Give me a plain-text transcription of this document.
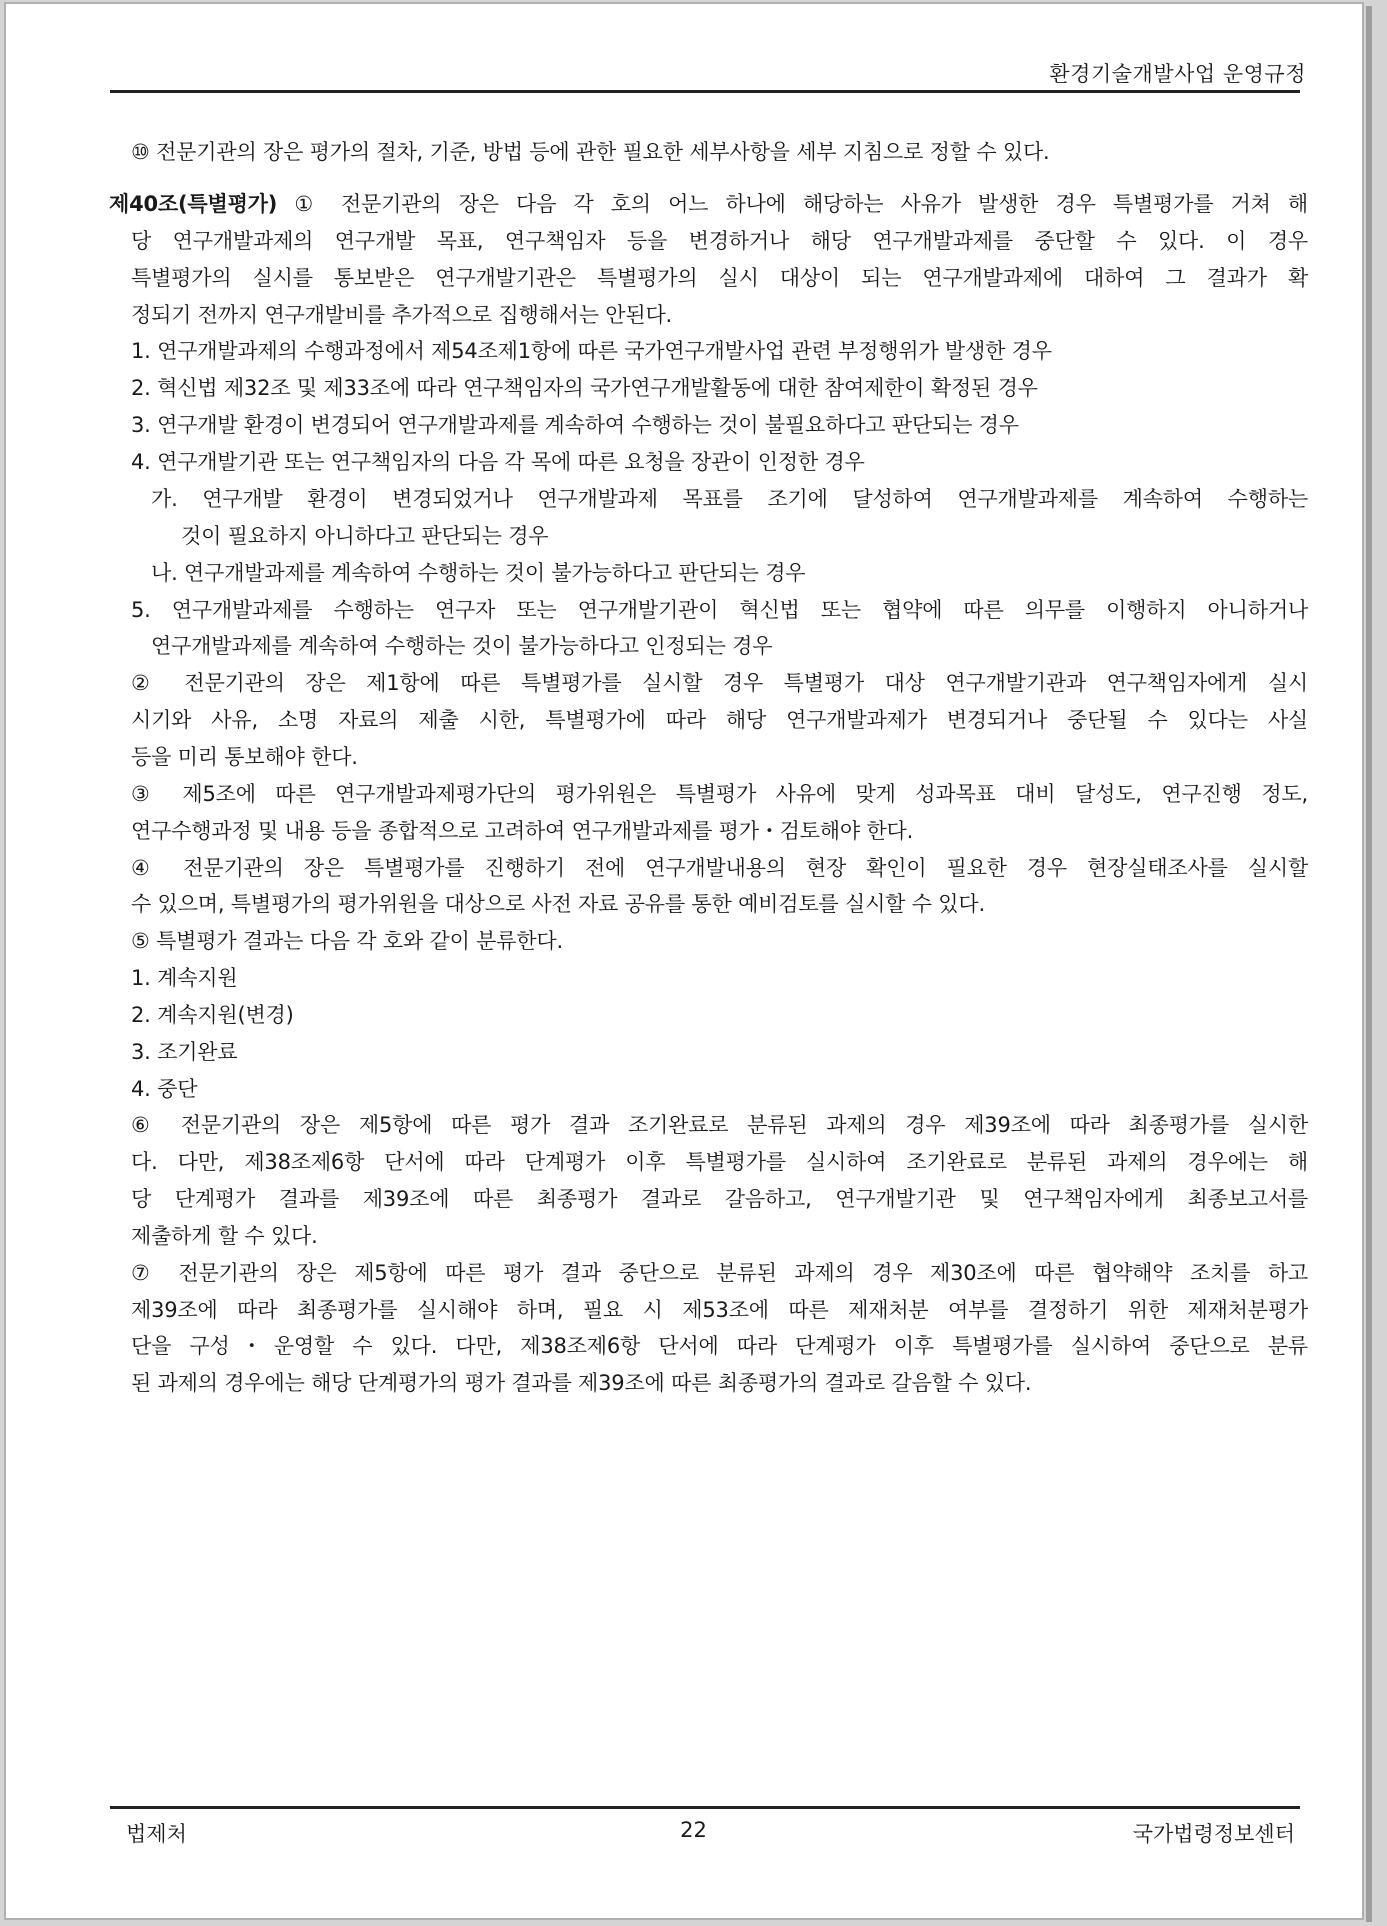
환경기술개발사업 운영규정
⑩ 전문기관의 장은 평가의 절차, 기준, 방법 등에 관한 필요한 세부사항을 세부 지침으로 정할 수 있다.
제40조(특별평가) ① 전문기관의 장은 다음 각 호의 어느 하나에 해당하는 사유가 발생한 경우 특별평가를 거쳐 해
당 연구개발과제의 연구개발 목표, 연구책임자 등을 변경하거나 해당 연구개발과제를 중단할 수 있다. 이 경우
특별평가의 실시를 통보받은 연구개발기관은 특별평가의 실시 대상이 되는 연구개발과제에 대하여 그 결과가 확
정되기 전까지 연구개발비를 추가적으로 집행해서는 안된다.
1. 연구개발과제의 수행과정에서 제54조제1항에 따른 국가연구개발사업 관련 부정행위가 발생한 경우
2. 혁신법 제32조 및 제33조에 따라 연구책임자의 국가연구개발활동에 대한 참여제한이 확정된 경우
3. 연구개발 환경이 변경되어 연구개발과제를 계속하여 수행하는 것이 불필요하다고 판단되는 경우
4. 연구개발기관 또는 연구책임자의 다음 각 목에 따른 요청을 장관이 인정한 경우
가. 연구개발 환경이 변경되었거나 연구개발과제 목표를 조기에 달성하여 연구개발과제를 계속하여 수행하는
것이 필요하지 아니하다고 판단되는 경우
나. 연구개발과제를 계속하여 수행하는 것이 불가능하다고 판단되는 경우
5. 연구개발과제를 수행하는 연구자 또는 연구개발기관이 혁신법 또는 협약에 따른 의무를 이행하지 아니하거나
연구개발과제를 계속하여 수행하는 것이 불가능하다고 인정되는 경우
② 전문기관의 장은 제1항에 따른 특별평가를 실시할 경우 특별평가 대상 연구개발기관과 연구책임자에게 실시
시기와 사유, 소명 자료의 제출 시한, 특별평가에 따라 해당 연구개발과제가 변경되거나 중단될 수 있다는 사실
등을 미리 통보해야 한다.
③ 제5조에 따른 연구개발과제평가단의 평가위원은 특별평가 사유에 맞게 성과목표 대비 달성도, 연구진행 정도,
연구수행과정 및 내용 등을 종합적으로 고려하여 연구개발과제를 평가・검토해야 한다.
④ 전문기관의 장은 특별평가를 진행하기 전에 연구개발내용의 현장 확인이 필요한 경우 현장실태조사를 실시할
수 있으며, 특별평가의 평가위원을 대상으로 사전 자료 공유를 통한 예비검토를 실시할 수 있다.
⑤ 특별평가 결과는 다음 각 호와 같이 분류한다.
1. 계속지원
2. 계속지원(변경)
3. 조기완료
4. 중단
⑥ 전문기관의 장은 제5항에 따른 평가 결과 조기완료로 분류된 과제의 경우 제39조에 따라 최종평가를 실시한
다. 다만, 제38조제6항 단서에 따라 단계평가 이후 특별평가를 실시하여 조기완료로 분류된 과제의 경우에는 해
당 단계평가 결과를 제39조에 따른 최종평가 결과로 갈음하고, 연구개발기관 및 연구책임자에게 최종보고서를
제출하게 할 수 있다.
⑦ 전문기관의 장은 제5항에 따른 평가 결과 중단으로 분류된 과제의 경우 제30조에 따른 협약해약 조치를 하고
제39조에 따라 최종평가를 실시해야 하며, 필요 시 제53조에 따른 제재처분 여부를 결정하기 위한 제재처분평가
단을 구성・운영할 수 있다. 다만, 제38조제6항 단서에 따라 단계평가 이후 특별평가를 실시하여 중단으로 분류
된 과제의 경우에는 해당 단계평가의 평가 결과를 제39조에 따른 최종평가의 결과로 갈음할 수 있다.
법제처	22	국가법령정보센터
